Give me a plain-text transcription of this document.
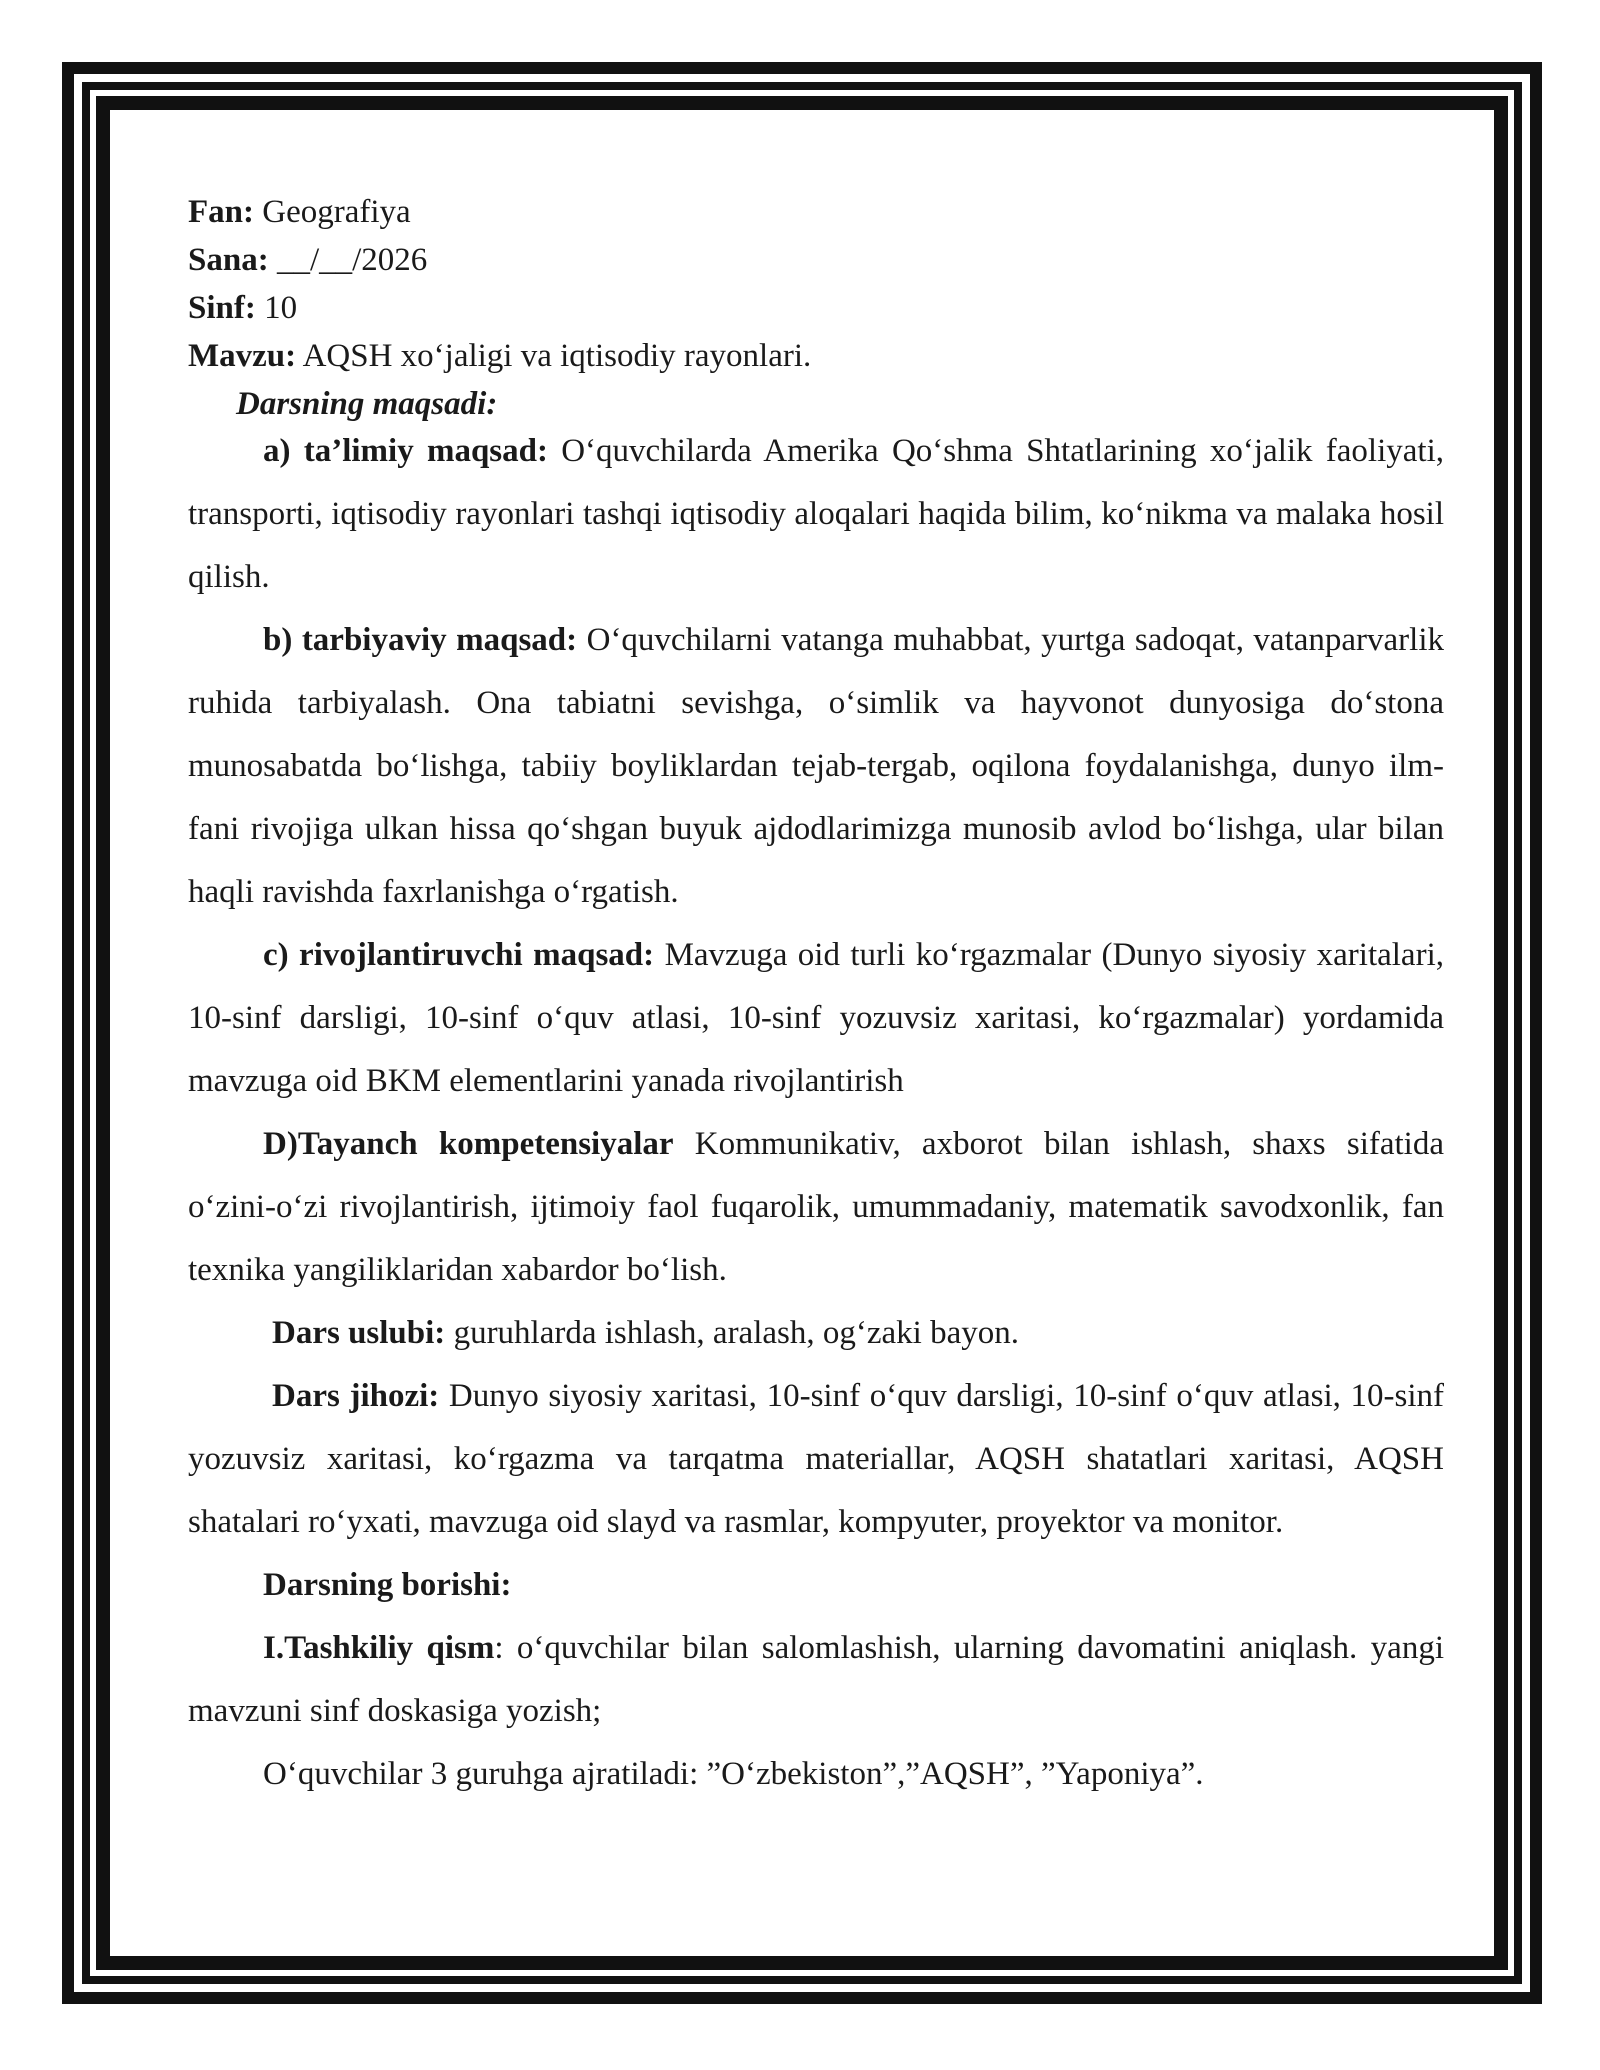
Fan: Geografiya

Sana: __/__/2026

Sinf: 10

Mavzu: AQSH xo‘jaligi va iqtisodiy rayonlari.

Darsning maqsadi:

a) ta’limiy maqsad: O‘quvchilarda Amerika Qo‘shma Shtatlarining xo‘jalik faoliyati, transporti, iqtisodiy rayonlari tashqi iqtisodiy aloqalari haqida bilim, ko‘nikma va malaka hosil qilish.

b) tarbiyaviy maqsad: O‘quvchilarni vatanga muhabbat, yurtga sadoqat, vatanparvarlik ruhida tarbiyalash. Ona tabiatni sevishga, o‘simlik va hayvonot dunyosiga do‘stona munosabatda bo‘lishga, tabiiy boyliklardan tejab-tergab, oqilona foydalanishga, dunyo ilm-fani rivojiga ulkan hissa qo‘shgan buyuk ajdodlarimizga munosib avlod bo‘lishga, ular bilan haqli ravishda faxrlanishga o‘rgatish.

c) rivojlantiruvchi maqsad: Mavzuga oid turli ko‘rgazmalar (Dunyo siyosiy xaritalari, 10-sinf darsligi, 10-sinf o‘quv atlasi, 10-sinf yozuvsiz xaritasi, ko‘rgazmalar) yordamida mavzuga oid BKM elementlarini yanada rivojlantirish

D)Tayanch kompetensiyalar Kommunikativ, axborot bilan ishlash, shaxs sifatida o‘zini-o‘zi rivojlantirish, ijtimoiy faol fuqarolik, umummadaniy, matematik savodxonlik, fan texnika yangiliklaridan xabardor bo‘lish.

Dars uslubi: guruhlarda ishlash, aralash, og‘zaki bayon.

Dars jihozi: Dunyo siyosiy xaritasi, 10-sinf o‘quv darsligi, 10-sinf o‘quv atlasi, 10-sinf yozuvsiz xaritasi, ko‘rgazma va tarqatma materiallar, AQSH shatatlari xaritasi, AQSH shatalari ro‘yxati, mavzuga oid slayd va rasmlar, kompyuter, proyektor va monitor.

Darsning borishi:

I.Tashkiliy qism: o‘quvchilar bilan salomlashish, ularning davomatini aniqlash. yangi mavzuni sinf doskasiga yozish;

O‘quvchilar 3 guruhga ajratiladi: ”O‘zbekiston”,”AQSH”, ”Yaponiya”.
